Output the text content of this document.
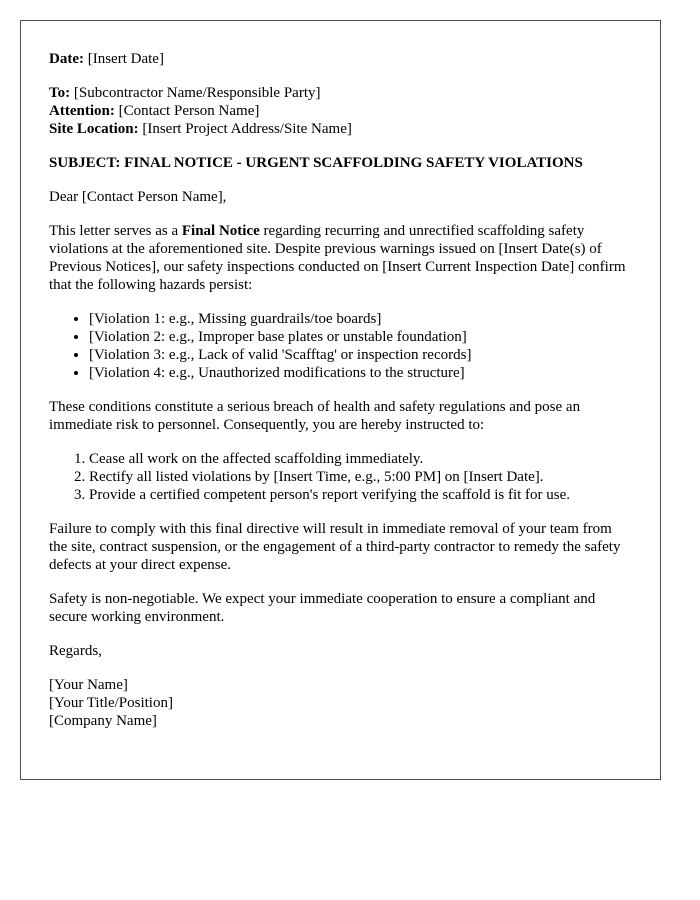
Date: [Insert Date]

To: [Subcontractor Name/Responsible Party]
Attention: [Contact Person Name]
Site Location: [Insert Project Address/Site Name]

SUBJECT: FINAL NOTICE - URGENT SCAFFOLDING SAFETY VIOLATIONS

Dear [Contact Person Name],

This letter serves as a Final Notice regarding recurring and unrectified scaffolding safety violations at the aforementioned site. Despite previous warnings issued on [Insert Date(s) of Previous Notices], our safety inspections conducted on [Insert Current Inspection Date] confirm that the following hazards persist:

• [Violation 1: e.g., Missing guardrails/toe boards]
• [Violation 2: e.g., Improper base plates or unstable foundation]
• [Violation 3: e.g., Lack of valid 'Scafftag' or inspection records]
• [Violation 4: e.g., Unauthorized modifications to the structure]

These conditions constitute a serious breach of health and safety regulations and pose an immediate risk to personnel. Consequently, you are hereby instructed to:

1. Cease all work on the affected scaffolding immediately.
2. Rectify all listed violations by [Insert Time, e.g., 5:00 PM] on [Insert Date].
3. Provide a certified competent person's report verifying the scaffold is fit for use.

Failure to comply with this final directive will result in immediate removal of your team from the site, contract suspension, or the engagement of a third-party contractor to remedy the safety defects at your direct expense.

Safety is non-negotiable. We expect your immediate cooperation to ensure a compliant and secure working environment.

Regards,

[Your Name]
[Your Title/Position]
[Company Name]
